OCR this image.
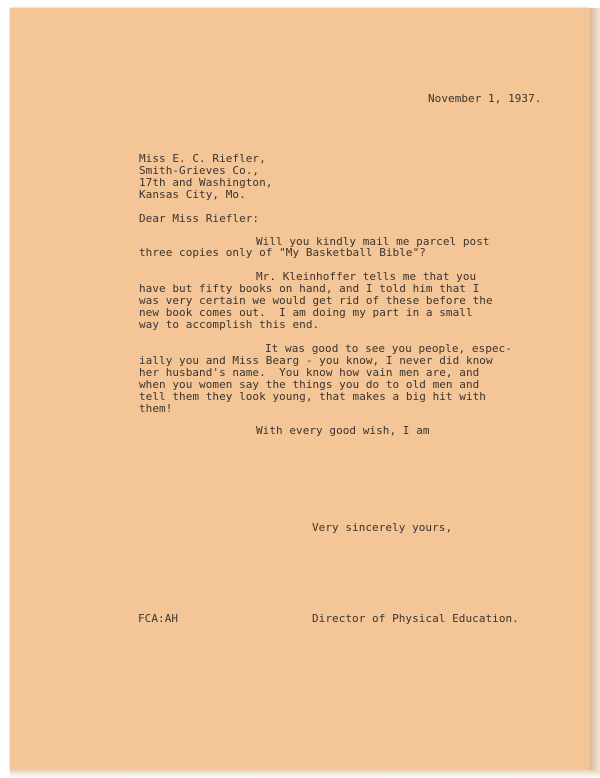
November 1, 1937.
Miss E. C. Riefler,
Smith-Grieves Co.,
17th and Washington,
Kansas City, Mo.
Dear Miss Riefler:
Will you kindly mail me parcel post
three copies only of "My Basketball Bible"?
Mr. Kleinhoffer tells me that you
have but fifty books on hand, and I told him that I
was very certain we would get rid of these before the
new book comes out.  I am doing my part in a small
way to accomplish this end.
It was good to see you people, espec-
ially you and Miss Bearg - you know, I never did know
her husband's name.  You know how vain men are, and
when you women say the things you do to old men and
tell them they look young, that makes a big hit with
them!
With every good wish, I am
Very sincerely yours,
FCA:AH	Director of Physical Education.
